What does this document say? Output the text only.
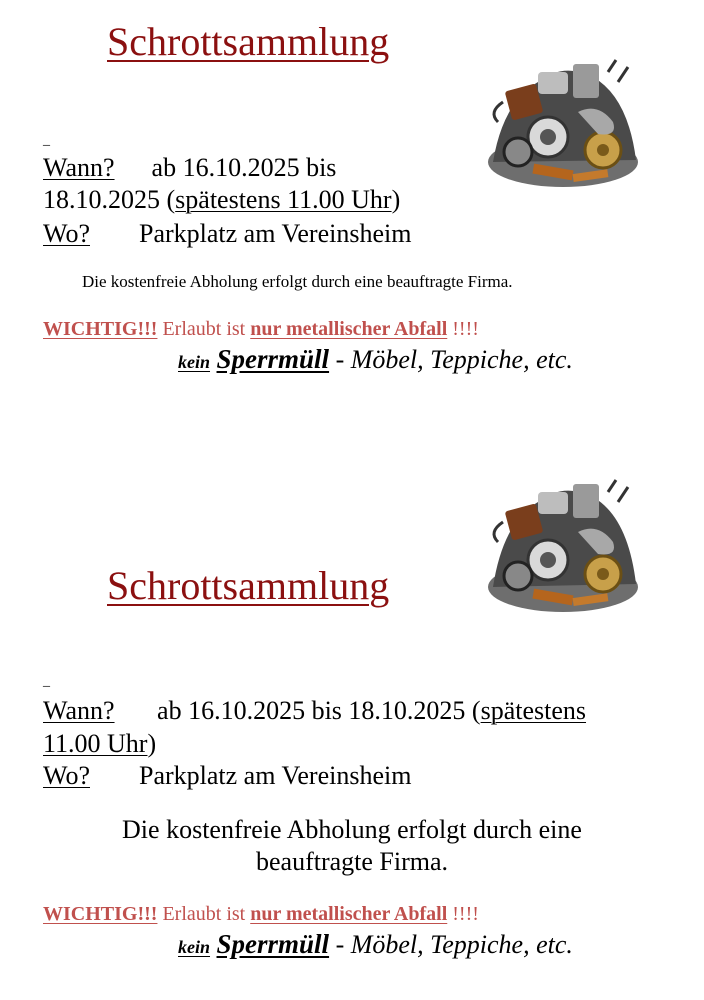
Schrottsammlung
_
Wann? ab 16.10.2025 bis
18.10.2025 (spätestens 11.00 Uhr)
Wo? Parkplatz am Vereinsheim
Die kostenfreie Abholung erfolgt durch eine beauftragte Firma.
WICHTIG!!! Erlaubt ist nur metallischer Abfall !!!!
kein Sperrmüll - Möbel, Teppiche, etc.
Schrottsammlung
_
Wann? ab 16.10.2025 bis 18.10.2025 (spätestens
11.00 Uhr)
Wo? Parkplatz am Vereinsheim
Die kostenfreie Abholung erfolgt durch eine
beauftragte Firma.
WICHTIG!!! Erlaubt ist nur metallischer Abfall !!!!
kein Sperrmüll - Möbel, Teppiche, etc.
